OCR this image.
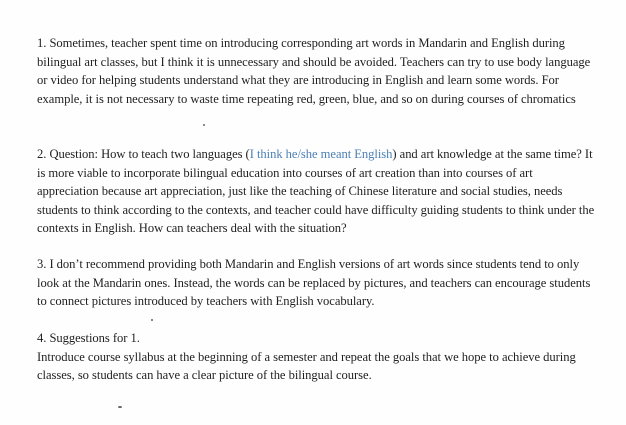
1. Sometimes, teacher spent time on introducing corresponding art words in Mandarin and English during bilingual art classes, but I think it is unnecessary and should be avoided. Teachers can try to use body language or video for helping students understand what they are introducing in English and learn some words. For example, it is not necessary to waste time repeating red, green, blue, and so on during courses of chromatics

2. Question: How to teach two languages (I think he/she meant English) and art knowledge at the same time? It is more viable to incorporate bilingual education into courses of art creation than into courses of art appreciation because art appreciation, just like the teaching of Chinese literature and social studies, needs students to think according to the contexts, and teacher could have difficulty guiding students to think under the contexts in English. How can teachers deal with the situation?

3. I don’t recommend providing both Mandarin and English versions of art words since students tend to only look at the Mandarin ones. Instead, the words can be replaced by pictures, and teachers can encourage students to connect pictures introduced by teachers with English vocabulary.

4. Suggestions for 1.
Introduce course syllabus at the beginning of a semester and repeat the goals that we hope to achieve during classes, so students can have a clear picture of the bilingual course.
